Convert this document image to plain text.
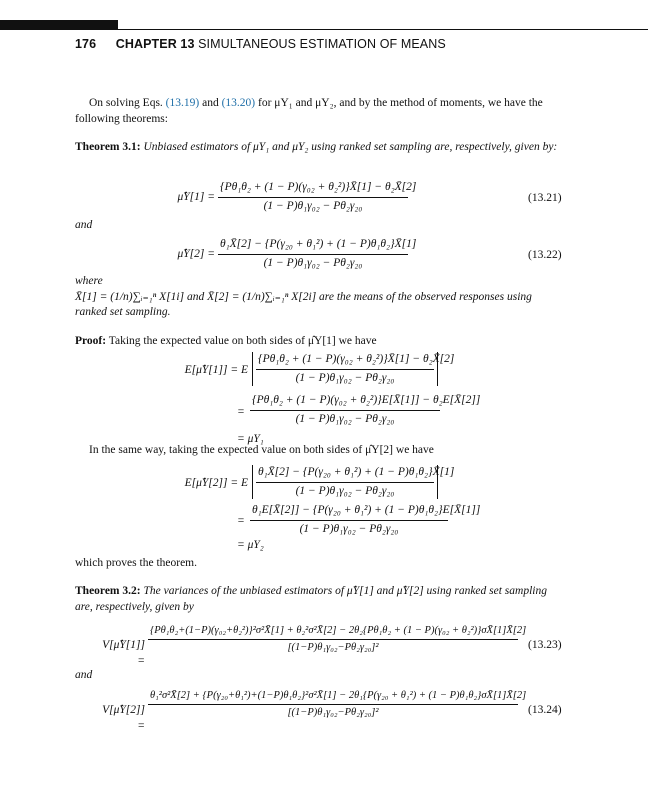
176 CHAPTER 13 SIMULTANEOUS ESTIMATION OF MEANS
On solving Eqs. (13.19) and (13.20) for μY₁ and μY₂, and by the method of moments, we have the following theorems:
Theorem 3.1: Unbiased estimators of μY₁ and μY₂ using ranked set sampling are, respectively, given by:
μ̂Y[1] = $\frac{\text{\{Pθ₁θ₂ + (1 − P)(γ₀₂ + θ₂²)\}X̄[1] − θ₂X̄[2]}}{\text{(1 − P)θ₁γ₀₂ − Pθ₂γ₂₀}}$	(13.21)
and
μ̂Y[2] = $\frac{\text{θ₁X̄[2] − \{P(γ₂₀ + θ₁²) + (1 − P)θ₁θ₂\}X̄[1]}}{\text{(1 − P)θ₁γ₀₂ − Pθ₂γ₂₀}}$	(13.22)
where
X̄[1] = (1/n)∑ᵢ₌₁ⁿ X[1i] and X̄[2] = (1/n)∑ᵢ₌₁ⁿ X[2i] are the means of the observed responses using ranked set sampling.
Proof: Taking the expected value on both sides of μ̂Y[1] we have
E[μ̂Y[1]] = E $\frac{\text{\{Pθ₁θ₂ + (1 − P)(γ₀₂ + θ₂²)\}X̄[1] − θ₂X̄[2]}}{\text{(1 − P)θ₁γ₀₂ − Pθ₂γ₂₀}}$
= $\frac{\text{\{Pθ₁θ₂ + (1 − P)(γ₀₂ + θ₂²)\}E[X̄[1]] − θ₂E[X̄[2]]}}{\text{(1 − P)θ₁γ₀₂ − Pθ₂γ₂₀}}$
= μY₁
In the same way, taking the expected value on both sides of μ̂Y[2] we have
E[μ̂Y[2]] = E $\frac{\text{θ₁X̄[2] − \{P(γ₂₀ + θ₁²) + (1 − P)θ₁θ₂\}X̄[1]}}{\text{(1 − P)θ₁γ₀₂ − Pθ₂γ₂₀}}$
= $\frac{\text{θ₁E[X̄[2]] − \{P(γ₂₀ + θ₁²) + (1 − P)θ₁θ₂\}E[X̄[1]]}}{\text{(1 − P)θ₁γ₀₂ − Pθ₂γ₂₀}}$
= μY₂
which proves the theorem.
Theorem 3.2: The variances of the unbiased estimators of μ̂Y[1] and μ̂Y[2] using ranked set sampling are, respectively, given by
V[μ̂Y[1]] =
{Pθ₁θ₂+(1−P)(γ₀₂+θ₂²)}²σ²X̄[1] + θ₂²σ²X̄[2] − 2θ₂{Pθ₁θ₂ + (1 − P)(γ₀₂ + θ₂²)}σX̄[1]X̄[2]
[(1−P)θ₁γ₀₂−Pθ₂γ₂₀]²	(13.23)
and
V[μ̂Y[2]] =
θ₁²σ²X̄[2] + {P(γ₂₀+θ₁²)+(1−P)θ₁θ₂}²σ²X̄[1] − 2θ₁{P(γ₂₀ + θ₁²) + (1 − P)θ₁θ₂}σX̄[1]X̄[2]
[(1−P)θ₁γ₀₂−Pθ₂γ₂₀]²	(13.24)
